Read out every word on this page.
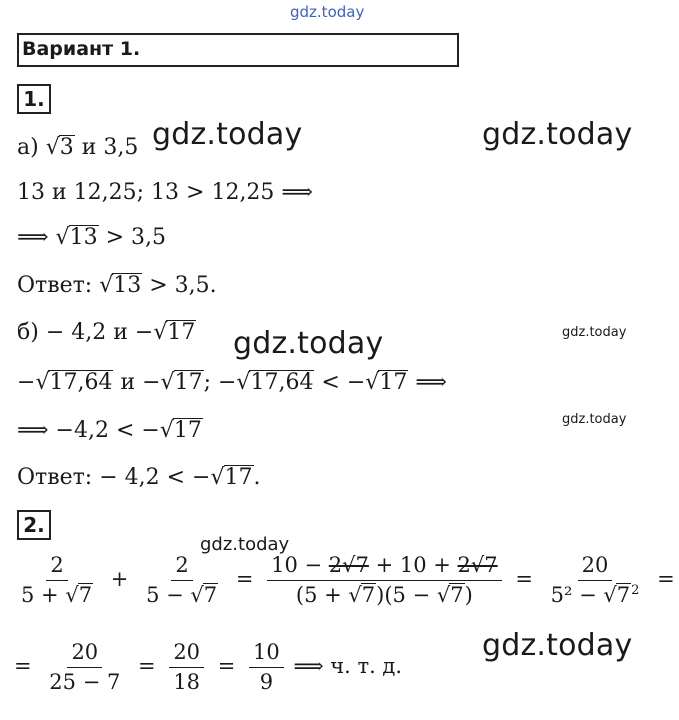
gdz.today
gdz.today	gdz.today
gdz.today	gdz.today
gdz.today
gdz.today
gdz.today
Вариант 1.
1.
а) √3 и 3,5
13 и 12,25; 13 > 12,25 ⟹
⟹ √13 > 3,5
Ответ: √13 > 3,5.
б) − 4,2 и −√17
−√17,64 и −√17; −√17,64 < −√17 ⟹
⟹ −4,2 < −√17
Ответ: − 4,2 < −√17.
2.
$\frac{2}{5 + √7} + \frac{2}{5 - √7} = \frac{10 - 2√7 + 10 + 2√7}{(5 + √7)(5 - √7)} = \frac{20}{5^2 - √7^2}$ =
= $\frac{20}{25 - 7} = \frac{20}{18} = \frac{10}{9}$ ⟹ ч. т. д.
